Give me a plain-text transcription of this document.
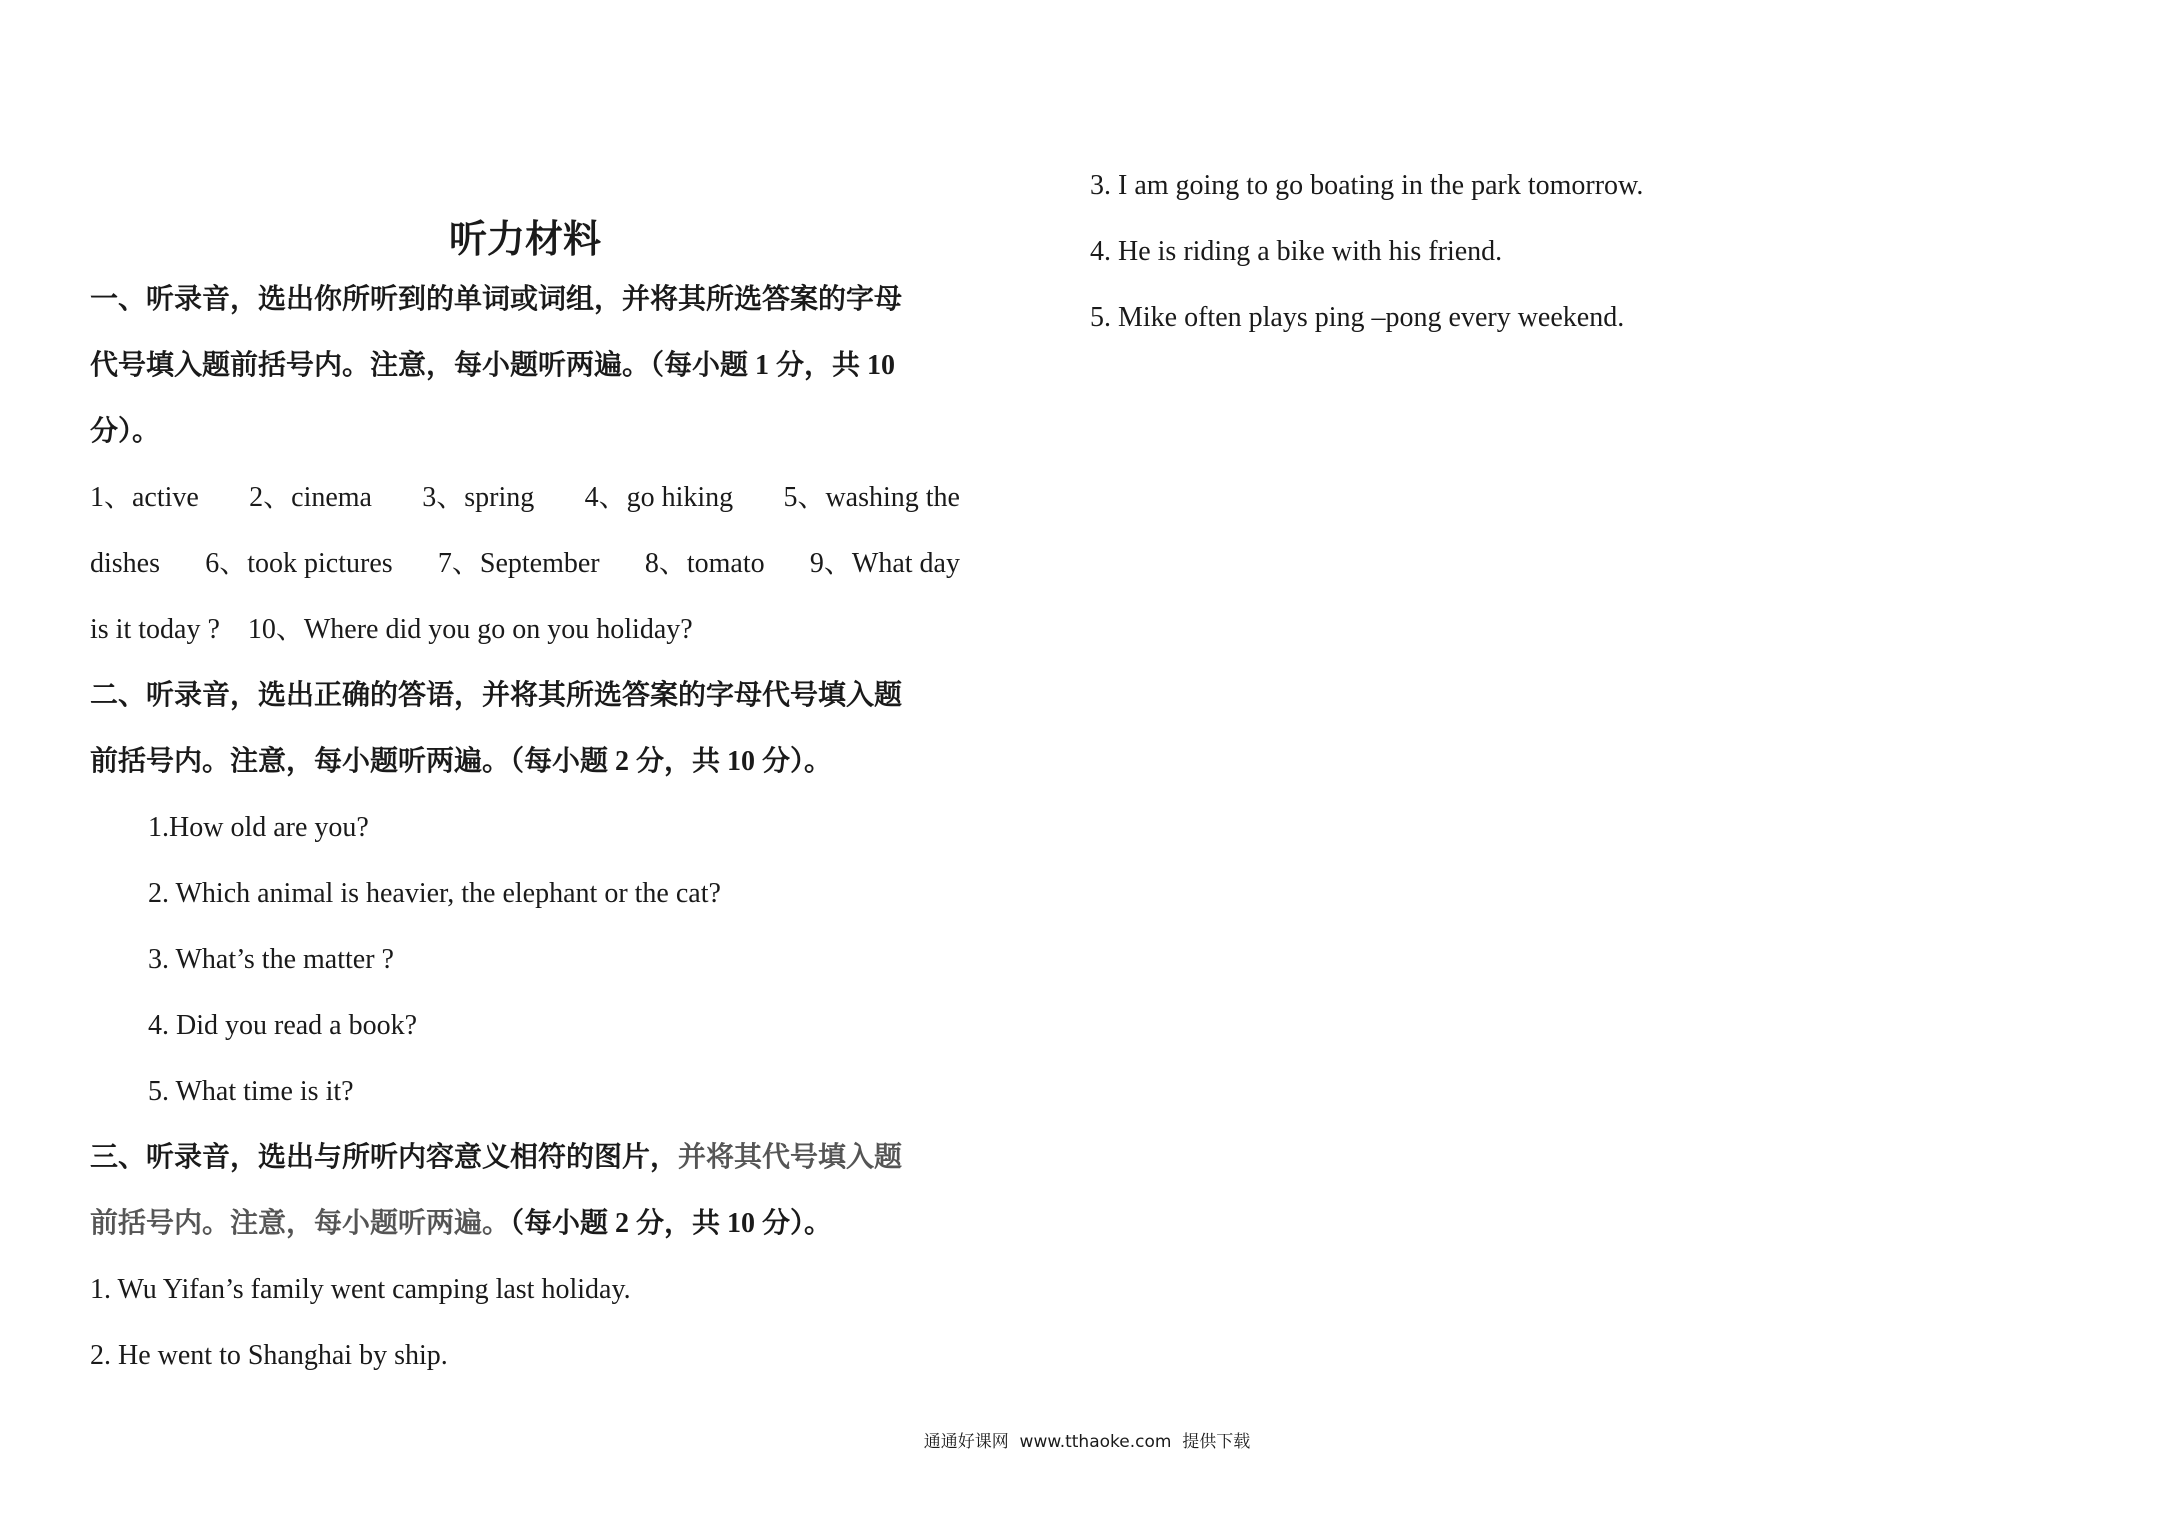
听力材料
一、听录音，选出你所听到的单词或词组，并将其所选答案的字母
代号填入题前括号内。注意，每小题听两遍。（每小题 1 分，共 10
分）。
1、active 2、cinema 3、spring 4、go hiking 5、washing the
dishes 6、took pictures 7、September 8、tomato 9、What day
is it today ?    10、Where did you go on you holiday?
二、听录音，选出正确的答语，并将其所选答案的字母代号填入题
前括号内。注意，每小题听两遍。（每小题 2 分，共 10 分）。
1.How old are you?
2. Which animal is heavier, the elephant or the cat?
3. What’s the matter ?
4. Did you read a book?
5. What time is it?
三、听录音，选出与所听内容意义相符的图片，并将其代号填入题
前括号内。注意，每小题听两遍。（每小题 2 分，共 10 分）。
1. Wu Yifan’s family went camping last holiday.
2. He went to Shanghai by ship.
3. I am going to go boating in the park tomorrow.
4. He is riding a bike with his friend.
5. Mike often plays ping –pong every weekend.
通通好课网  www.tthaoke.com  提供下载
